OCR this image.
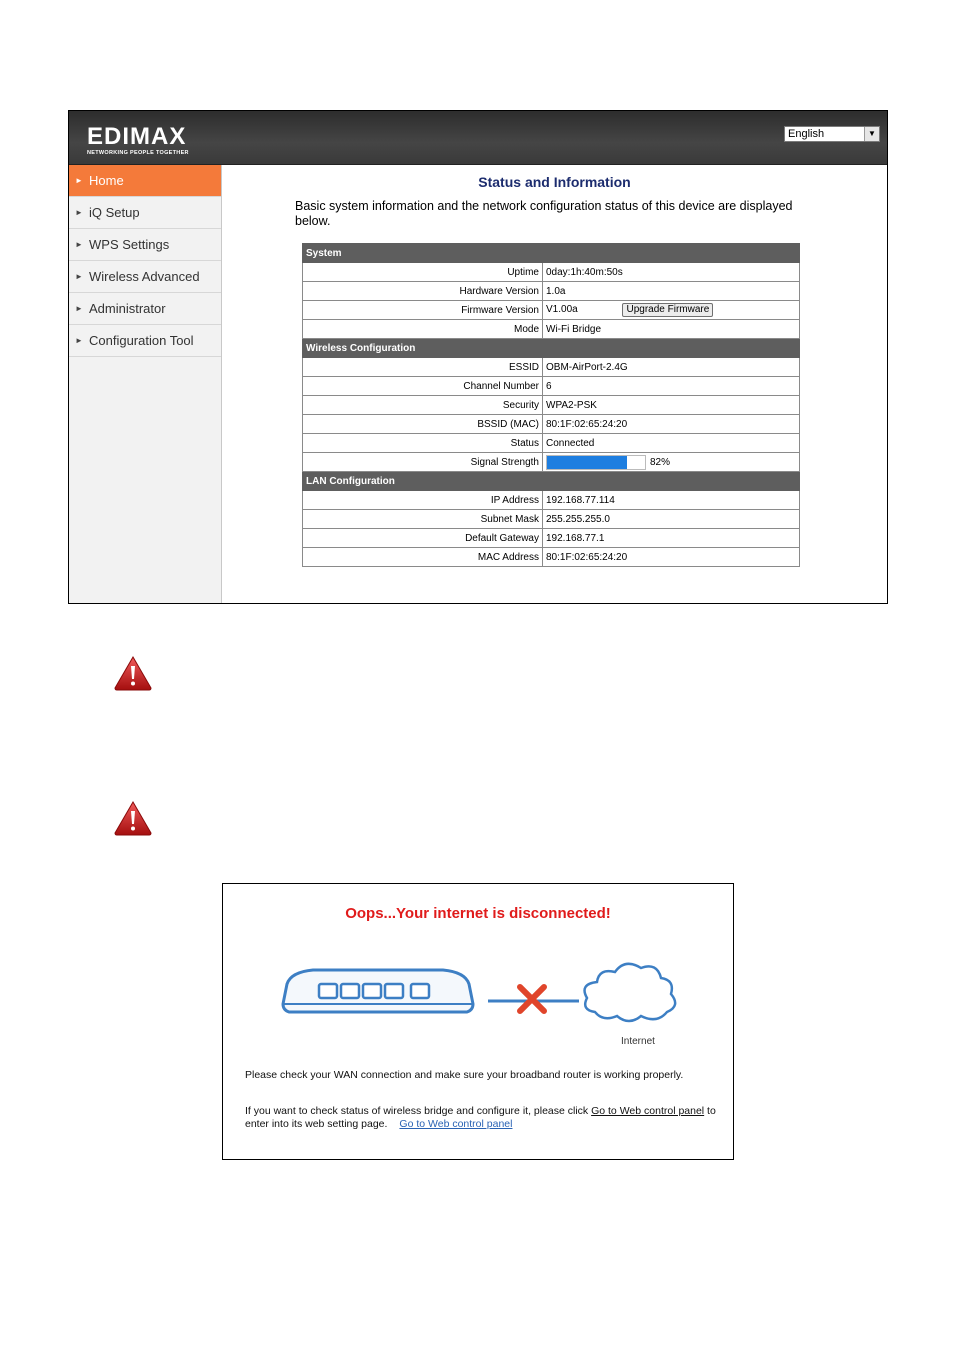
EDIMAX
NETWORKING PEOPLE TOGETHER
English	▼
► Home
► iQ Setup
► WPS Settings
► Wireless Advanced
► Administrator
► Configuration Tool
Status and Information
Basic system information and the network configuration status of this device are displayed below.
System	
Uptime	0day:1h:40m:50s
Hardware Version	1.0a
Firmware Version	V1.00a Upgrade Firmware
Mode	Wi-Fi Bridge
Wireless Configuration	
ESSID	OBM-AirPort-2.4G
Channel Number	6
Security	WPA2-PSK
BSSID (MAC)	80:1F:02:65:24:20
Status	Connected
Signal Strength	82%
LAN Configuration	
IP Address	192.168.77.114
Subnet Mask	255.255.255.0
Default Gateway	192.168.77.1
MAC Address	80:1F:02:65:24:20
Oops...Your internet is disconnected!
Internet
Please check your WAN connection and make sure your broadband router is working properly.
If you want to check status of wireless bridge and configure it, please click Go to Web control panel to enter into its web setting page. Go to Web control panel
